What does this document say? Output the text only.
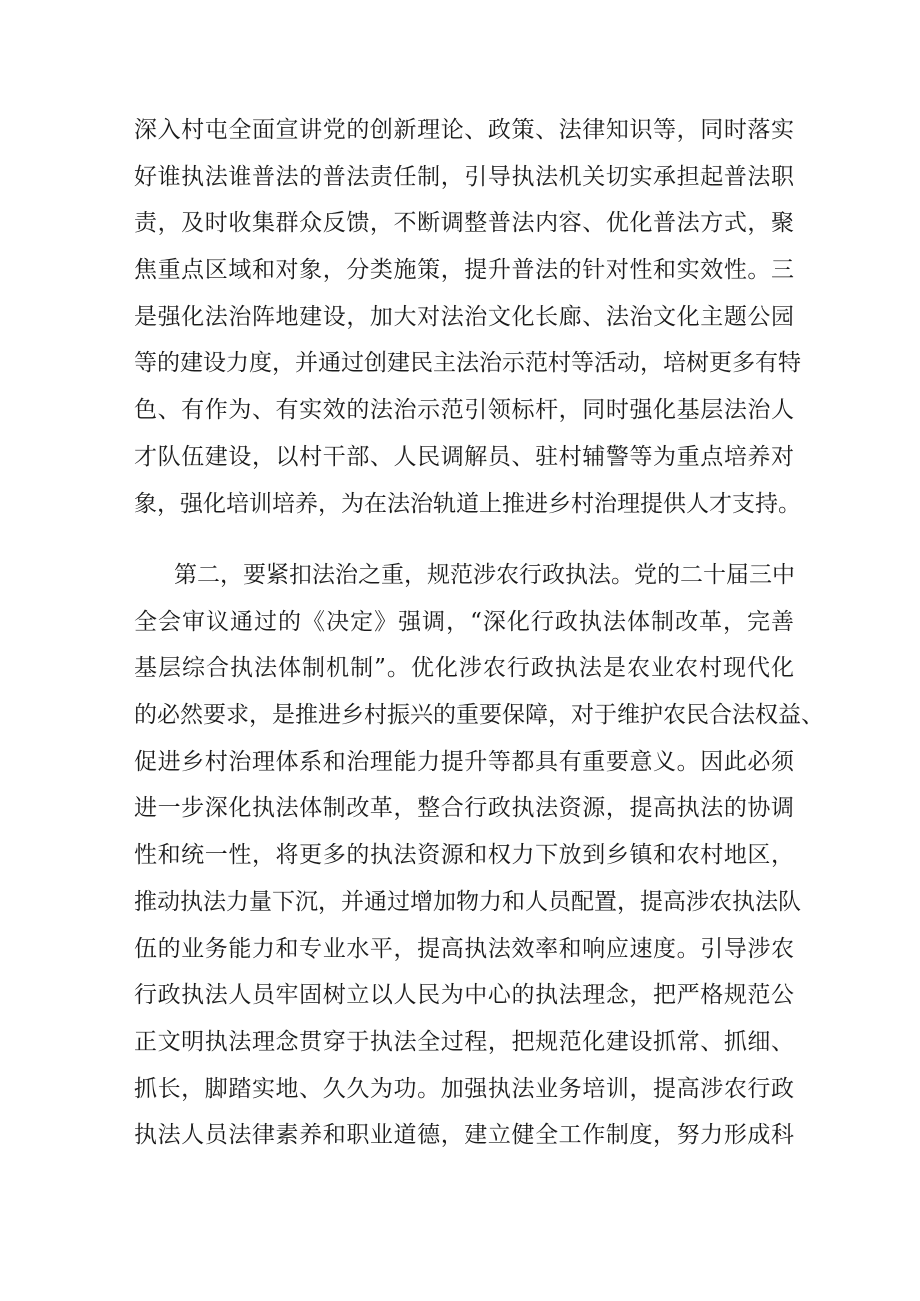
深入村屯全面宣讲党的创新理论、政策、法律知识等，同时落实
好谁执法谁普法的普法责任制，引导执法机关切实承担起普法职
责，及时收集群众反馈，不断调整普法内容、优化普法方式，聚
焦重点区域和对象，分类施策，提升普法的针对性和实效性。三
是强化法治阵地建设，加大对法治文化长廊、法治文化主题公园
等的建设力度，并通过创建民主法治示范村等活动，培树更多有特
色、有作为、有实效的法治示范引领标杆，同时强化基层法治人
才队伍建设，以村干部、人民调解员、驻村辅警等为重点培养对
象，强化培训培养，为在法治轨道上推进乡村治理提供人才支持。
第二，要紧扣法治之重，规范涉农行政执法。党的二十届三中
全会审议通过的《决定》强调，“深化行政执法体制改革，完善
基层综合执法体制机制”。优化涉农行政执法是农业农村现代化
的必然要求，是推进乡村振兴的重要保障，对于维护农民合法权益、
促进乡村治理体系和治理能力提升等都具有重要意义。因此必须
进一步深化执法体制改革，整合行政执法资源，提高执法的协调
性和统一性，将更多的执法资源和权力下放到乡镇和农村地区，
推动执法力量下沉，并通过增加物力和人员配置，提高涉农执法队
伍的业务能力和专业水平，提高执法效率和响应速度。引导涉农
行政执法人员牢固树立以人民为中心的执法理念，把严格规范公
正文明执法理念贯穿于执法全过程，把规范化建设抓常、抓细、
抓长，脚踏实地、久久为功。加强执法业务培训，提高涉农行政
执法人员法律素养和职业道德，建立健全工作制度，努力形成科
